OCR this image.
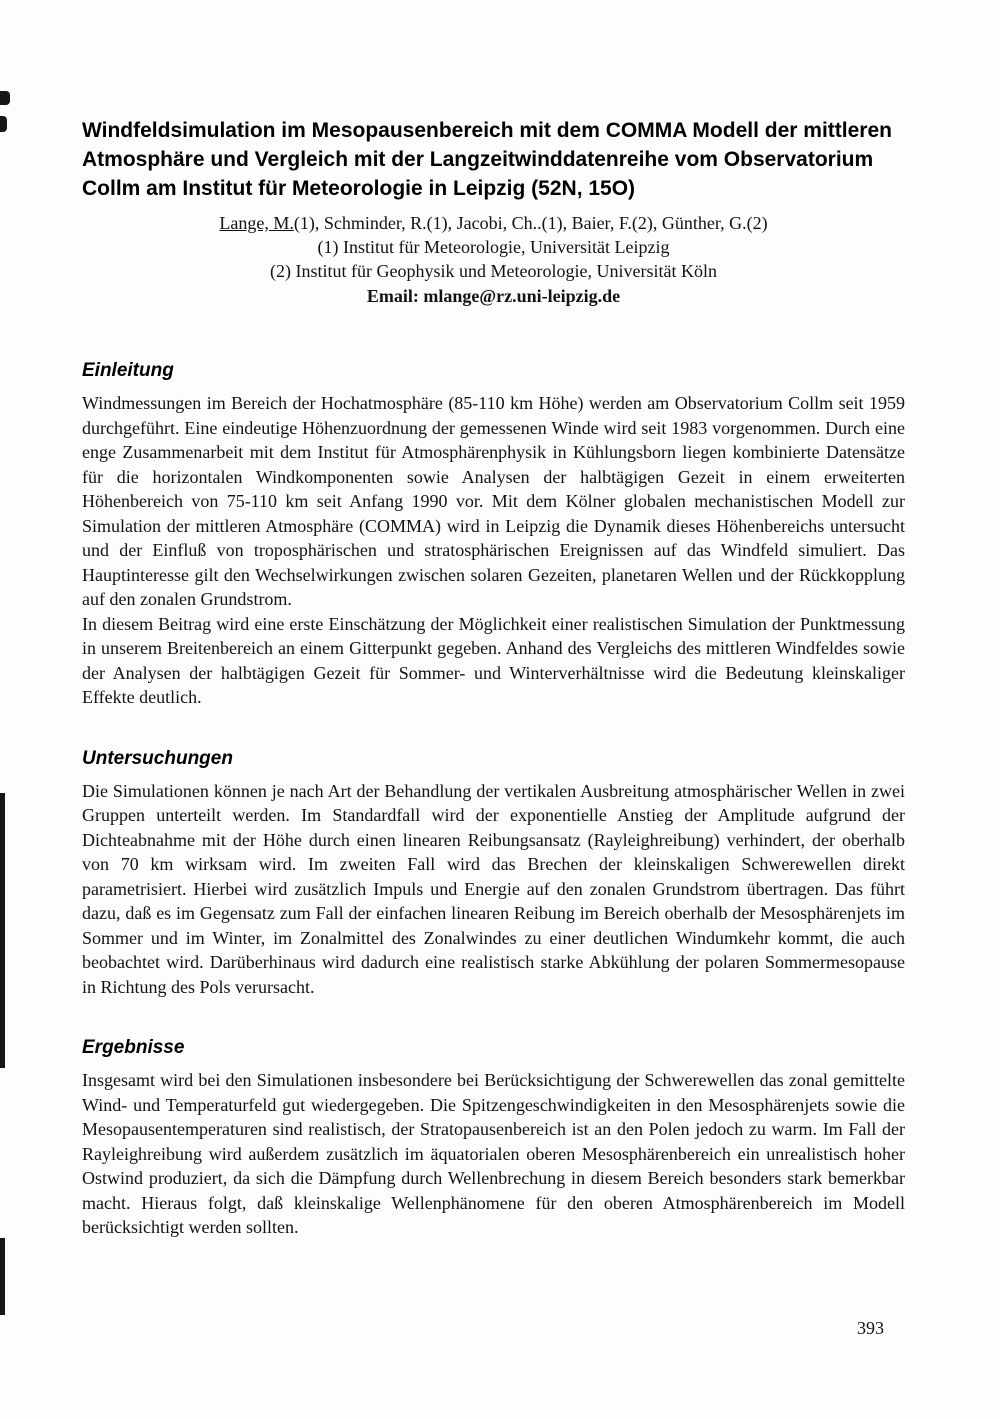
Windfeldsimulation im Mesopausenbereich mit dem COMMA Modell der mittleren Atmosphäre und Vergleich mit der Langzeitwinddatenreihe vom Observatorium Collm am Institut für Meteorologie in Leipzig (52N, 15O)
Lange, M.(1), Schminder, R.(1), Jacobi, Ch..(1), Baier, F.(2), Günther, G.(2)
(1) Institut für Meteorologie, Universität Leipzig
(2) Institut für Geophysik und Meteorologie, Universität Köln
Email: mlange@rz.uni-leipzig.de
Einleitung

Windmessungen im Bereich der Hochatmosphäre (85-110 km Höhe) werden am Observatorium Collm seit 1959 durchgeführt. Eine eindeutige Höhenzuordnung der gemessenen Winde wird seit 1983 vorgenommen. Durch eine enge Zusammenarbeit mit dem Institut für Atmosphärenphysik in Kühlungsborn liegen kombinierte Datensätze für die horizontalen Windkomponenten sowie Analysen der halbtägigen Gezeit in einem erweiterten Höhenbereich von 75-110 km seit Anfang 1990 vor. Mit dem Kölner globalen mechanistischen Modell zur Simulation der mittleren Atmosphäre (COMMA) wird in Leipzig die Dynamik dieses Höhenbereichs untersucht und der Einfluß von troposphärischen und stratosphärischen Ereignissen auf das Windfeld simuliert. Das Hauptinteresse gilt den Wechselwirkungen zwischen solaren Gezeiten, planetaren Wellen und der Rückkopplung auf den zonalen Grundstrom.

In diesem Beitrag wird eine erste Einschätzung der Möglichkeit einer realistischen Simulation der Punktmessung in unserem Breitenbereich an einem Gitterpunkt gegeben. Anhand des Vergleichs des mittleren Windfeldes sowie der Analysen der halbtägigen Gezeit für Sommer- und Winterverhältnisse wird die Bedeutung kleinskaliger Effekte deutlich.

Untersuchungen

Die Simulationen können je nach Art der Behandlung der vertikalen Ausbreitung atmosphärischer Wellen in zwei Gruppen unterteilt werden. Im Standardfall wird der exponentielle Anstieg der Amplitude aufgrund der Dichteabnahme mit der Höhe durch einen linearen Reibungsansatz (Rayleighreibung) verhindert, der oberhalb von 70 km wirksam wird. Im zweiten Fall wird das Brechen der kleinskaligen Schwerewellen direkt parametrisiert. Hierbei wird zusätzlich Impuls und Energie auf den zonalen Grundstrom übertragen. Das führt dazu, daß es im Gegensatz zum Fall der einfachen linearen Reibung im Bereich oberhalb der Mesosphärenjets im Sommer und im Winter, im Zonalmittel des Zonalwindes zu einer deutlichen Windumkehr kommt, die auch beobachtet wird. Darüberhinaus wird dadurch eine realistisch starke Abkühlung der polaren Sommermesopause in Richtung des Pols verursacht.

Ergebnisse

Insgesamt wird bei den Simulationen insbesondere bei Berücksichtigung der Schwerewellen das zonal gemittelte Wind- und Temperaturfeld gut wiedergegeben. Die Spitzengeschwindigkeiten in den Mesosphärenjets sowie die Mesopausentemperaturen sind realistisch, der Stratopausenbereich ist an den Polen jedoch zu warm. Im Fall der Rayleighreibung wird außerdem zusätzlich im äquatorialen oberen Mesosphärenbereich ein unrealistisch hoher Ostwind produziert, da sich die Dämpfung durch Wellenbrechung in diesem Bereich besonders stark bemerkbar macht. Hieraus folgt, daß kleinskalige Wellenphänomene für den oberen Atmosphärenbereich im Modell berücksichtigt werden sollten.

393
